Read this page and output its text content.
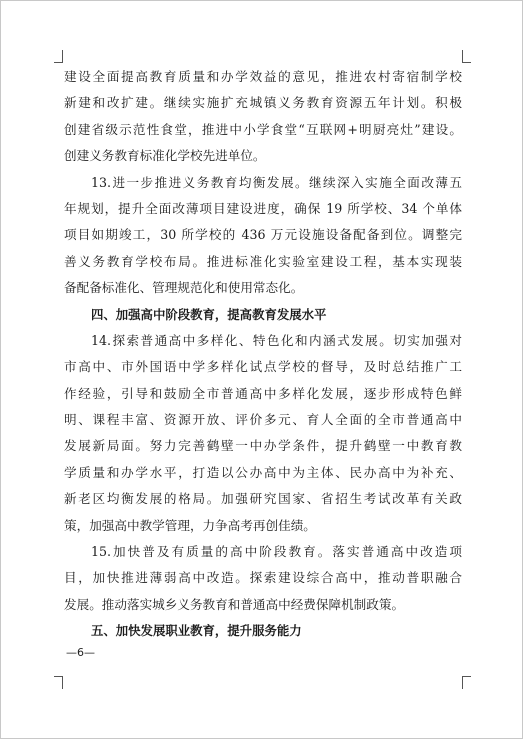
建设全面提高教育质量和办学效益的意见，推进农村寄宿制学校
新建和改扩建。继续实施扩充城镇义务教育资源五年计划。积极
创建省级示范性食堂，推进中小学食堂“互联网+明厨亮灶”建设。
创建义务教育标准化学校先进单位。
13.进一步推进义务教育均衡发展。继续深入实施全面改薄五
年规划，提升全面改薄项目建设进度，确保 19 所学校、34 个单体
项目如期竣工，30 所学校的 436 万元设施设备配备到位。调整完
善义务教育学校布局。推进标准化实验室建设工程，基本实现装
备配备标准化、管理规范化和使用常态化。
四、加强高中阶段教育，提高教育发展水平
14.探索普通高中多样化、特色化和内涵式发展。切实加强对
市高中、市外国语中学多样化试点学校的督导，及时总结推广工
作经验，引导和鼓励全市普通高中多样化发展，逐步形成特色鲜
明、课程丰富、资源开放、评价多元、育人全面的全市普通高中
发展新局面。努力完善鹤壁一中办学条件，提升鹤壁一中教育教
学质量和办学水平，打造以公办高中为主体、民办高中为补充、
新老区均衡发展的格局。加强研究国家、省招生考试改革有关政
策，加强高中教学管理，力争高考再创佳绩。
15.加快普及有质量的高中阶段教育。落实普通高中改造项
目，加快推进薄弱高中改造。探索建设综合高中，推动普职融合
发展。推动落实城乡义务教育和普通高中经费保障机制政策。
五、加快发展职业教育，提升服务能力
—6—
